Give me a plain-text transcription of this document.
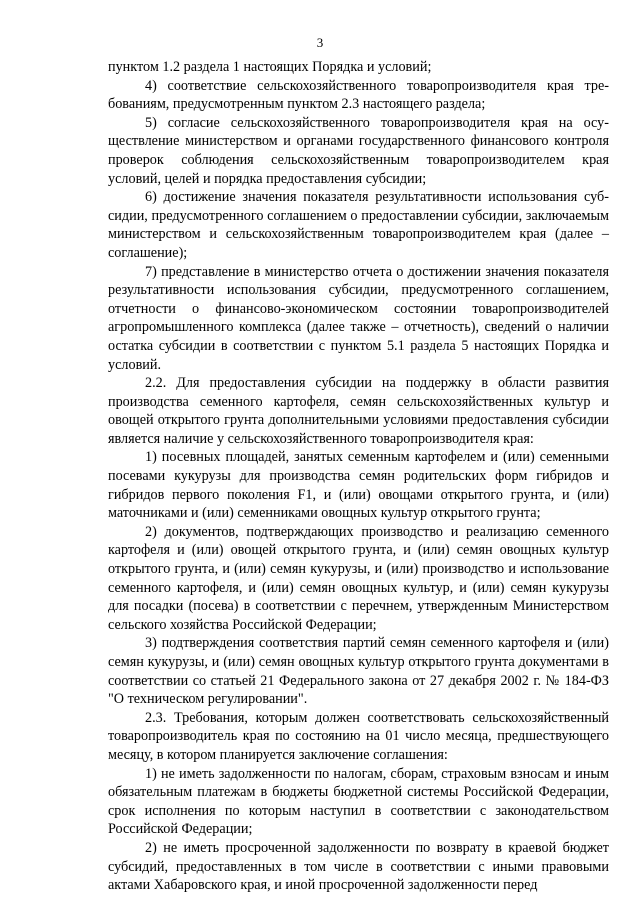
3

пунктом 1.2 раздела 1 настоящих Порядка и условий;

4) соответствие сельскохозяйственного товаропроизводителя края требованиям, предусмотренным пунктом 2.3 настоящего раздела;

5) согласие сельскохозяйственного товаропроизводителя края на осуществление министерством и органами государственного финансового контроля проверок соблюдения сельскохозяйственным товаропроизводителем края условий, целей и порядка предоставления субсидии;

6) достижение значения показателя результативности использования субсидии, предусмотренного соглашением о предоставлении субсидии, заключаемым министерством и сельскохозяйственным товаропроизводителем края (далее – соглашение);

7) представление в министерство отчета о достижении значения показателя результативности использования субсидии, предусмотренного соглашением, отчетности о финансово-экономическом состоянии товаропроизводителей агропромышленного комплекса (далее также – отчетность), сведений о наличии остатка субсидии в соответствии с пунктом 5.1 раздела 5 настоящих Порядка и условий.

2.2. Для предоставления субсидии на поддержку в области развития производства семенного картофеля, семян сельскохозяйственных культур и овощей открытого грунта дополнительными условиями предоставления субсидии является наличие у сельскохозяйственного товаропроизводителя края:

1) посевных площадей, занятых семенным картофелем и (или) семенными посевами кукурузы для производства семян родительских форм гибридов и гибридов первого поколения F1, и (или) овощами открытого грунта, и (или) маточниками и (или) семенниками овощных культур открытого грунта;

2) документов, подтверждающих производство и реализацию семенного картофеля и (или) овощей открытого грунта, и (или) семян овощных культур открытого грунта, и (или) семян кукурузы, и (или) производство и использование семенного картофеля, и (или) семян овощных культур, и (или) семян кукурузы для посадки (посева) в соответствии с перечнем, утвержденным Министерством сельского хозяйства Российской Федерации;

3) подтверждения соответствия партий семян семенного картофеля и (или) семян кукурузы, и (или) семян овощных культур открытого грунта документами в соответствии со статьей 21 Федерального закона от 27 декабря 2002 г. № 184-ФЗ "О техническом регулировании".

2.3. Требования, которым должен соответствовать сельскохозяйственный товаропроизводитель края по состоянию на 01 число месяца, предшествующего месяцу, в котором планируется заключение соглашения:

1) не иметь задолженности по налогам, сборам, страховым взносам и иным обязательным платежам в бюджеты бюджетной системы Российской Федерации, срок исполнения по которым наступил в соответствии с законодательством Российской Федерации;

2) не иметь просроченной задолженности по возврату в краевой бюджет субсидий, предоставленных в том числе в соответствии с иными правовыми актами Хабаровского края, и иной просроченной задолженности перед
